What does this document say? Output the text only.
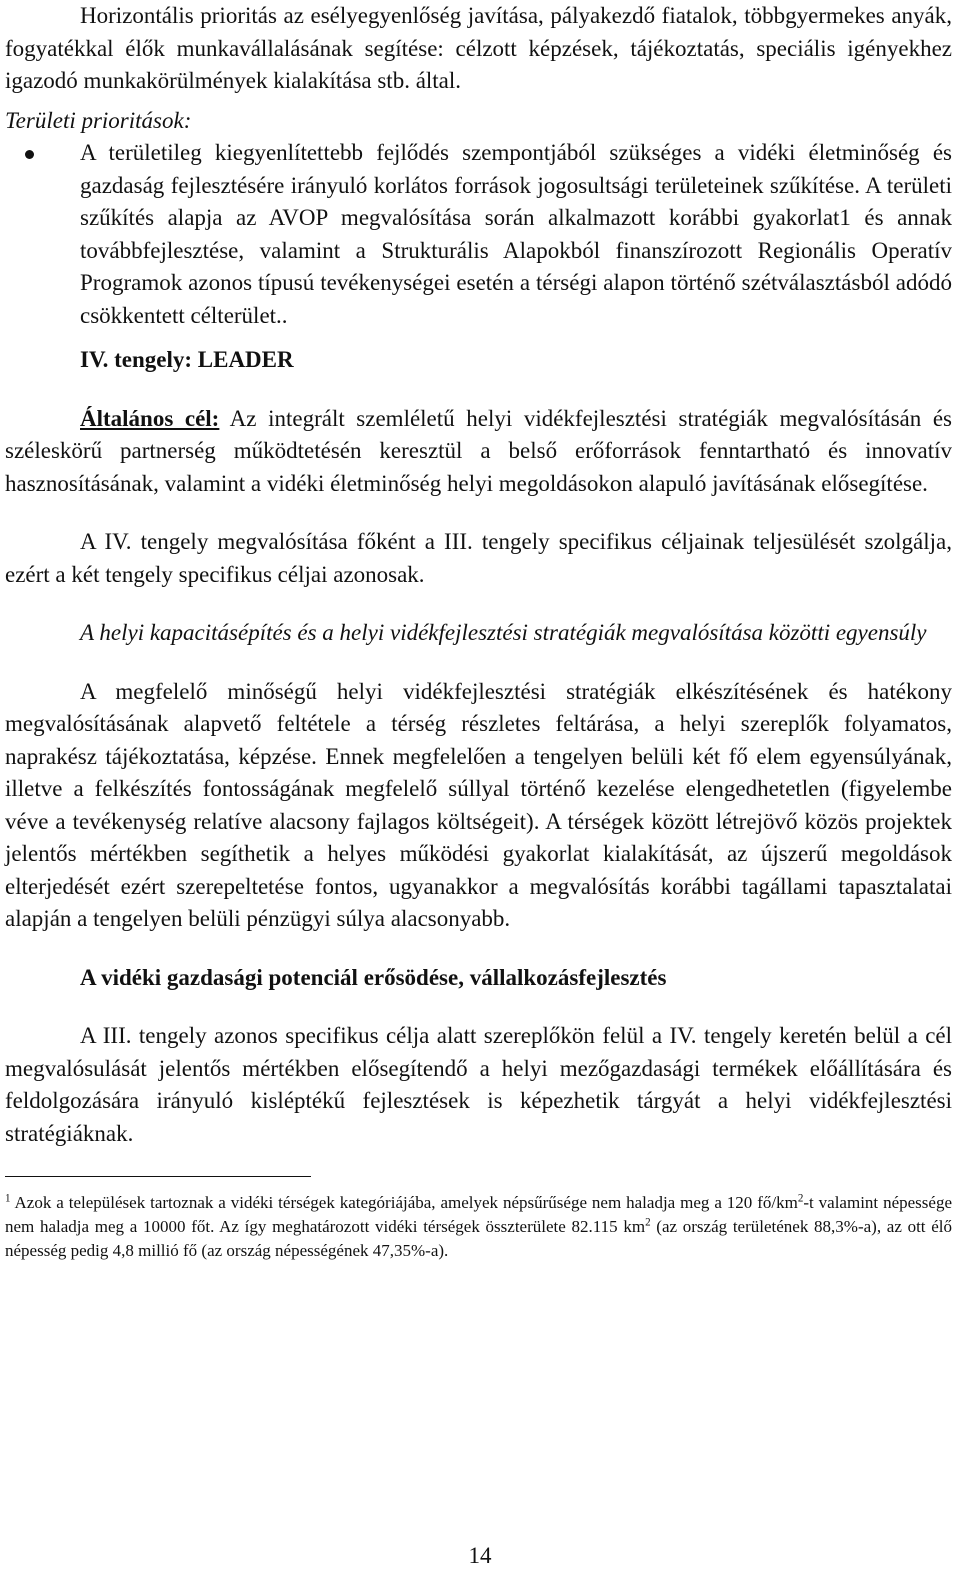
Horizontális prioritás az esélyegyenlőség javítása, pályakezdő fiatalok, többgyermekes anyák, fogyatékkal élők munkavállalásának segítése: célzott képzések, tájékoztatás, speciális igényekhez igazodó munkakörülmények kialakítása stb. által.

Területi prioritások:

A területileg kiegyenlítettebb fejlődés szempontjából szükséges a vidéki életminőség és gazdaság fejlesztésére irányuló korlátos források jogosultsági területeinek szűkítése. A területi szűkítés alapja az AVOP megvalósítása során alkalmazott korábbi gyakorlat1 és annak továbbfejlesztése, valamint a Strukturális Alapokból finanszírozott Regionális Operatív Programok azonos típusú tevékenységei esetén a térségi alapon történő szétválasztásból adódó csökkentett célterület..

IV. tengely: LEADER

Általános cél: Az integrált szemléletű helyi vidékfejlesztési stratégiák megvalósításán és széleskörű partnerség működtetésén keresztül a belső erőforrások fenntartható és innovatív hasznosításának, valamint a vidéki életminőség helyi megoldásokon alapuló javításának elősegítése.

A IV. tengely megvalósítása főként a III. tengely specifikus céljainak teljesülését szolgálja, ezért a két tengely specifikus céljai azonosak.

A helyi kapacitásépítés és a helyi vidékfejlesztési stratégiák megvalósítása közötti egyensúly

A megfelelő minőségű helyi vidékfejlesztési stratégiák elkészítésének és hatékony megvalósításának alapvető feltétele a térség részletes feltárása, a helyi szereplők folyamatos, naprakész tájékoztatása, képzése. Ennek megfelelően a tengelyen belüli két fő elem egyensúlyának, illetve a felkészítés fontosságának megfelelő súllyal történő kezelése elengedhetetlen (figyelembe véve a tevékenység relatíve alacsony fajlagos költségeit). A térségek között létrejövő közös projektek jelentős mértékben segíthetik a helyes működési gyakorlat kialakítását, az újszerű megoldások elterjedését ezért szerepeltetése fontos, ugyanakkor a megvalósítás korábbi tagállami tapasztalatai alapján a tengelyen belüli pénzügyi súlya alacsonyabb.

A vidéki gazdasági potenciál erősödése, vállalkozásfejlesztés

A III. tengely azonos specifikus célja alatt szereplőkön felül a IV. tengely keretén belül a cél megvalósulását jelentős mértékben elősegítendő a helyi mezőgazdasági termékek előállítására és feldolgozására irányuló kisléptékű fejlesztések is képezhetik tárgyát a helyi vidékfejlesztési stratégiáknak.

$^1$ Azok a települések tartoznak a vidéki térségek kategóriájába, amelyek népsűrűsége nem haladja meg a 120 $fő/km^2-t$ valamint népessége nem haladja meg a 10000 főt. Az így meghatározott vidéki térségek összterülete 82.115 $km^2$ (az ország területének 88,3%-a), az ott élő népesség pedig 4,8 millió fő (az ország népességének 47,35%-a).

14
